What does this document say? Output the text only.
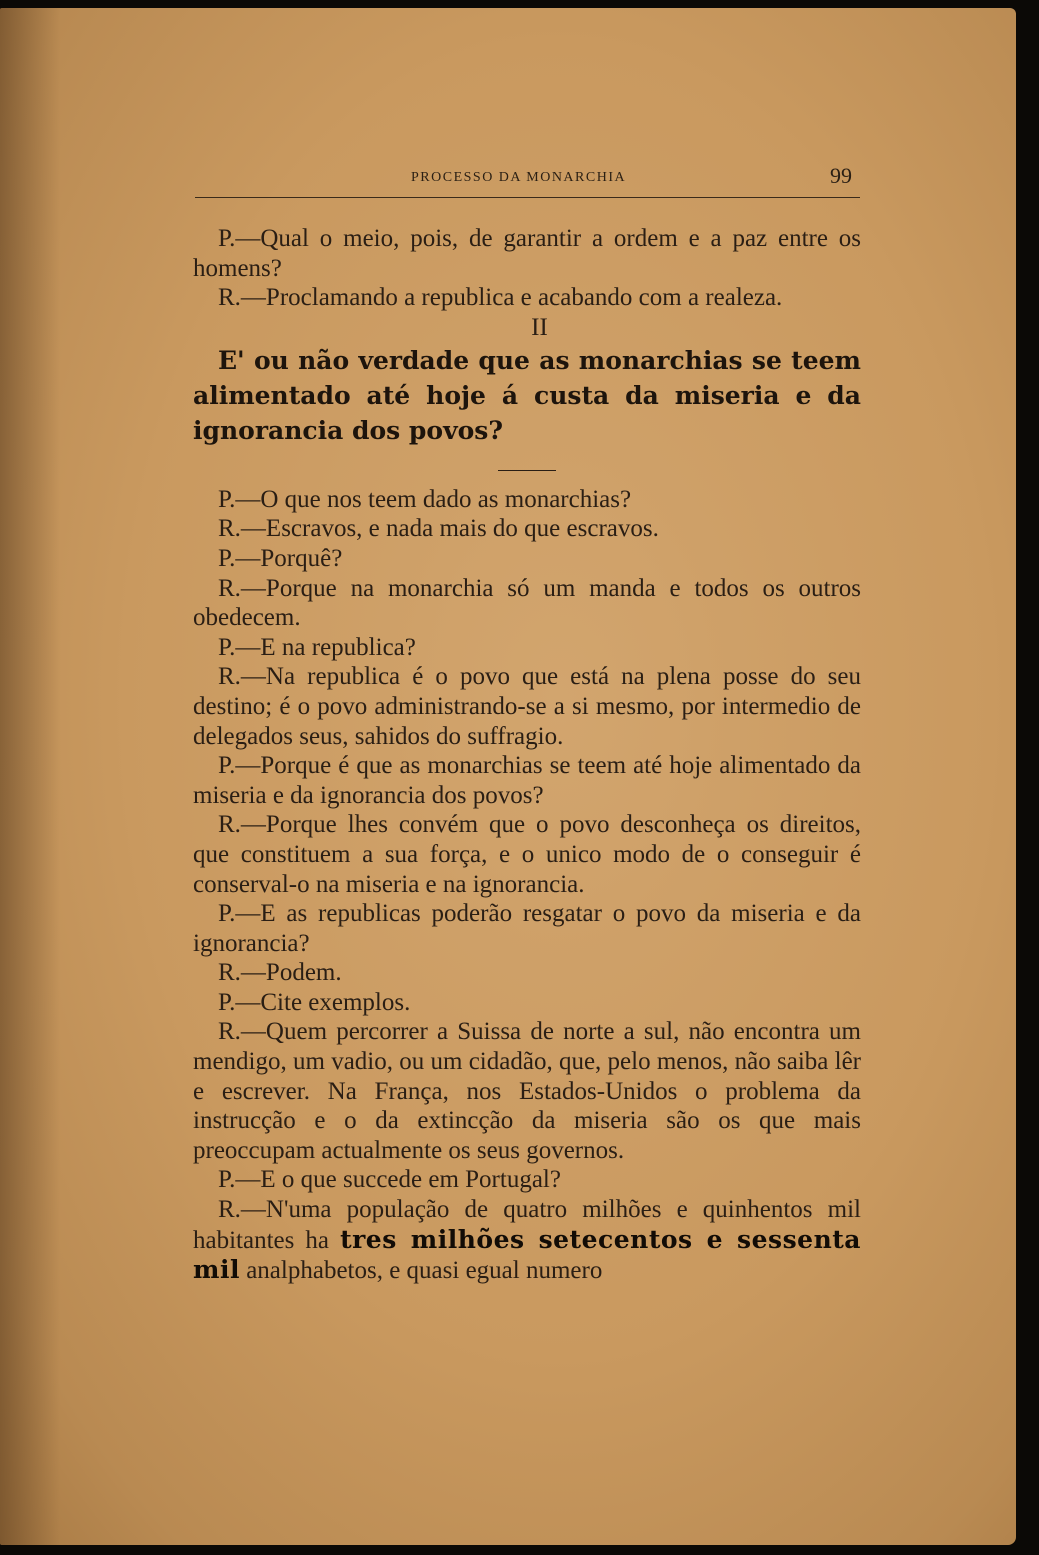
PROCESSO DA MONARCHIA	99

P.—Qual o meio, pois, de garantir a ordem e a paz entre os homens?

R.—Proclamando a republica e acabando com a realeza.

II

E' ou não verdade que as monarchias se teem alimentado até hoje á custa da miseria e da ignorancia dos povos?

P.—O que nos teem dado as monarchias?

R.—Escravos, e nada mais do que escravos.

P.—Porquê?

R.—Porque na monarchia só um manda e todos os outros obedecem.

P.—E na republica?

R.—Na republica é o povo que está na plena posse do seu destino; é o povo administrando-se a si mesmo, por intermedio de delegados seus, sahidos do suffragio.

P.—Porque é que as monarchias se teem até hoje alimentado da miseria e da ignorancia dos povos?

R.—Porque lhes convém que o povo desconheça os direitos, que constituem a sua força, e o unico modo de o conseguir é conserval-o na miseria e na ignorancia.

P.—E as republicas poderão resgatar o povo da miseria e da ignorancia?

R.—Podem.

P.—Cite exemplos.

R.—Quem percorrer a Suissa de norte a sul, não encontra um mendigo, um vadio, ou um cidadão, que, pelo menos, não saiba lêr e escrever. Na França, nos Estados-Unidos o problema da instrucção e o da extincção da miseria são os que mais preoccupam actualmente os seus governos.

P.—E o que succede em Portugal?

R.—N'uma população de quatro milhões e quinhentos mil habitantes ha tres milhões setecentos e sessenta mil analphabetos, e quasi egual numero
